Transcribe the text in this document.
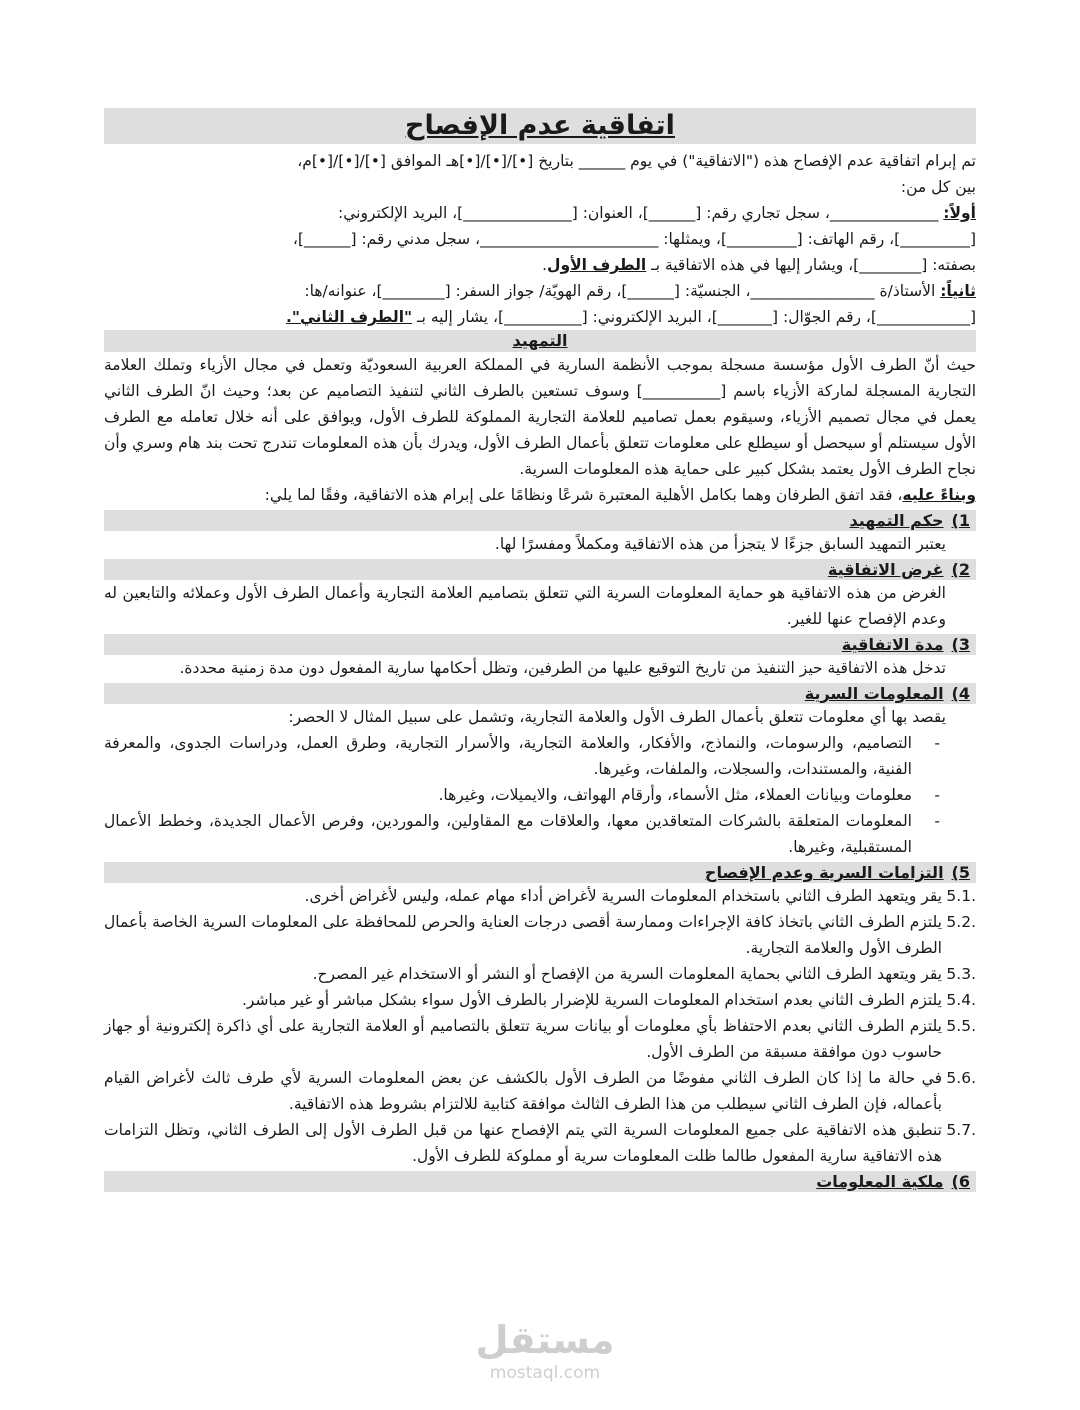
اتفاقية عدم الإفصاح

تم إبرام اتفاقية عدم الإفصاح هذه ("الاتفاقية") في يوم ______ بتاريخ [•]/[•]/[•]هـ الموافق [•]/[•]/[•]م،

بين كل من:

أولاً: ______________، سجل تجاري رقم: [______]، العنوان: [______________]، البريد الإلكتروني:

[_________]، رقم الهاتف: [_________]، ويمثلها: _______________________، سجل مدني رقم: [______]،

بصفته: [________]، ويشار إليها في هذه الاتفاقية بـ الطرف الأول.

ثانياً: الأستاذ/ة ________________، الجنسيّة: [______]، رقم الهويّة/ جواز السفر: [________]، عنوانه/ها:

[____________]، رقم الجوّال: [_______]، البريد الإلكتروني: [__________]، يشار إليه بـ "الطرف الثاني".

التمهيد

حيث أنّ الطرف الأول مؤسسة مسجلة بموجب الأنظمة السارية في المملكة العربية السعوديّة وتعمل في مجال الأزياء وتملك العلامة التجارية المسجلة لماركة الأزياء باسم [__________] وسوف تستعين بالطرف الثاني لتنفيذ التصاميم عن بعد؛ وحيث انّ الطرف الثاني يعمل في مجال تصميم الأزياء، وسيقوم بعمل تصاميم للعلامة التجارية المملوكة للطرف الأول، ويوافق على أنه خلال تعامله مع الطرف الأول سيستلم أو سيحصل أو سيطلع على معلومات تتعلق بأعمال الطرف الأول، ويدرك بأن هذه المعلومات تندرج تحت بند هام وسري وأن نجاح الطرف الأول يعتمد بشكل كبير على حماية هذه المعلومات السرية.

وبناءً عليه، فقد اتفق الطرفان وهما بكامل الأهلية المعتبرة شرعًا ونظامًا على إبرام هذه الاتفاقية، وفقًا لما يلي:

1)حكم التمهيد
يعتبر التمهيد السابق جزءًا لا يتجزأ من هذه الاتفاقية ومكملاً ومفسرًا لها.
2)غرض الاتفاقية
الغرض من هذه الاتفاقية هو حماية المعلومات السرية التي تتعلق بتصاميم العلامة التجارية وأعمال الطرف الأول وعملائه والتابعين له وعدم الإفصاح عنها للغير.
3)مدة الاتفاقية
تدخل هذه الاتفاقية حيز التنفيذ من تاريخ التوقيع عليها من الطرفين، وتظل أحكامها سارية المفعول دون مدة زمنية محددة.
4)المعلومات السرية
يقصد بها أي معلومات تتعلق بأعمال الطرف الأول والعلامة التجارية، وتشمل على سبيل المثال لا الحصر:
- التصاميم، والرسومات، والنماذج، والأفكار، والعلامة التجارية، والأسرار التجارية، وطرق العمل، ودراسات الجدوى، والمعرفة الفنية، والمستندات، والسجلات، والملفات، وغيرها.
- معلومات وبيانات العملاء، مثل الأسماء، وأرقام الهواتف، والايميلات، وغيرها.
- المعلومات المتعلقة بالشركات المتعاقدين معها، والعلاقات مع المقاولين، والموردين، وفرص الأعمال الجديدة، وخطط الأعمال المستقبلية، وغيرها.
5)التزامات السرية وعدم الإفصاح
5.1.
يقر ويتعهد الطرف الثاني باستخدام المعلومات السرية لأغراض أداء مهام عمله، وليس لأغراض أخرى.
5.2.
يلتزم الطرف الثاني باتخاذ كافة الإجراءات وممارسة أقصى درجات العناية والحرص للمحافظة على المعلومات السرية الخاصة بأعمال الطرف الأول والعلامة التجارية.
5.3.
يقر ويتعهد الطرف الثاني بحماية المعلومات السرية من الإفصاح أو النشر أو الاستخدام غير المصرح.
5.4.
يلتزم الطرف الثاني بعدم استخدام المعلومات السرية للإضرار بالطرف الأول سواء بشكل مباشر أو غير مباشر.
5.5.
يلتزم الطرف الثاني بعدم الاحتفاظ بأي معلومات أو بيانات سرية تتعلق بالتصاميم أو العلامة التجارية على أي ذاكرة إلكترونية أو جهاز حاسوب دون موافقة مسبقة من الطرف الأول.
5.6.
في حالة ما إذا كان الطرف الثاني مفوضًا من الطرف الأول بالكشف عن بعض المعلومات السرية لأي طرف ثالث لأغراض القيام بأعماله، فإن الطرف الثاني سيطلب من هذا الطرف الثالث موافقة كتابية للالتزام بشروط هذه الاتفاقية.
5.7.
تنطبق هذه الاتفاقية على جميع المعلومات السرية التي يتم الإفصاح عنها من قبل الطرف الأول إلى الطرف الثاني، وتظل التزامات هذه الاتفاقية سارية المفعول طالما ظلت المعلومات سرية أو مملوكة للطرف الأول.
6)ملكية المعلومات
مستقل
mostaql.com
